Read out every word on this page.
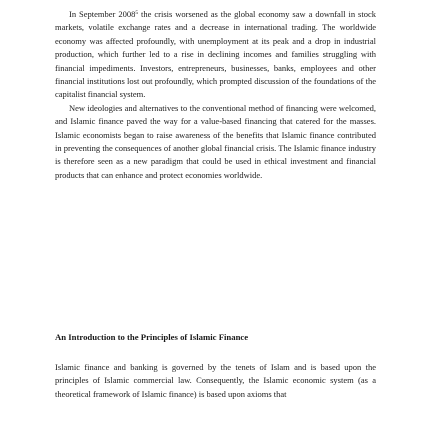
In September 2008$^5$ the crisis worsened as the global economy saw a downfall in stock markets, volatile exchange rates and a decrease in international trading. The worldwide economy was affected profoundly, with unemployment at its peak and a drop in industrial production, which further led to a rise in declining incomes and families struggling with financial impediments. Investors, entrepreneurs, businesses, banks, employees and other financial institutions lost out profoundly, which prompted discussion of the foundations of the capitalist financial system.

New ideologies and alternatives to the conventional method of financing were welcomed, and Islamic finance paved the way for a value-based financing that catered for the masses. Islamic economists began to raise awareness of the benefits that Islamic finance contributed in preventing the consequences of another global financial crisis. The Islamic finance industry is therefore seen as a new paradigm that could be used in ethical investment and financial products that can enhance and protect economies worldwide.

An Introduction to the Principles of Islamic Finance

Islamic finance and banking is governed by the tenets of Islam and is based upon the principles of Islamic commercial law. Consequently, the Islamic economic system (as a theoretical framework of Islamic finance) is based upon axioms that
